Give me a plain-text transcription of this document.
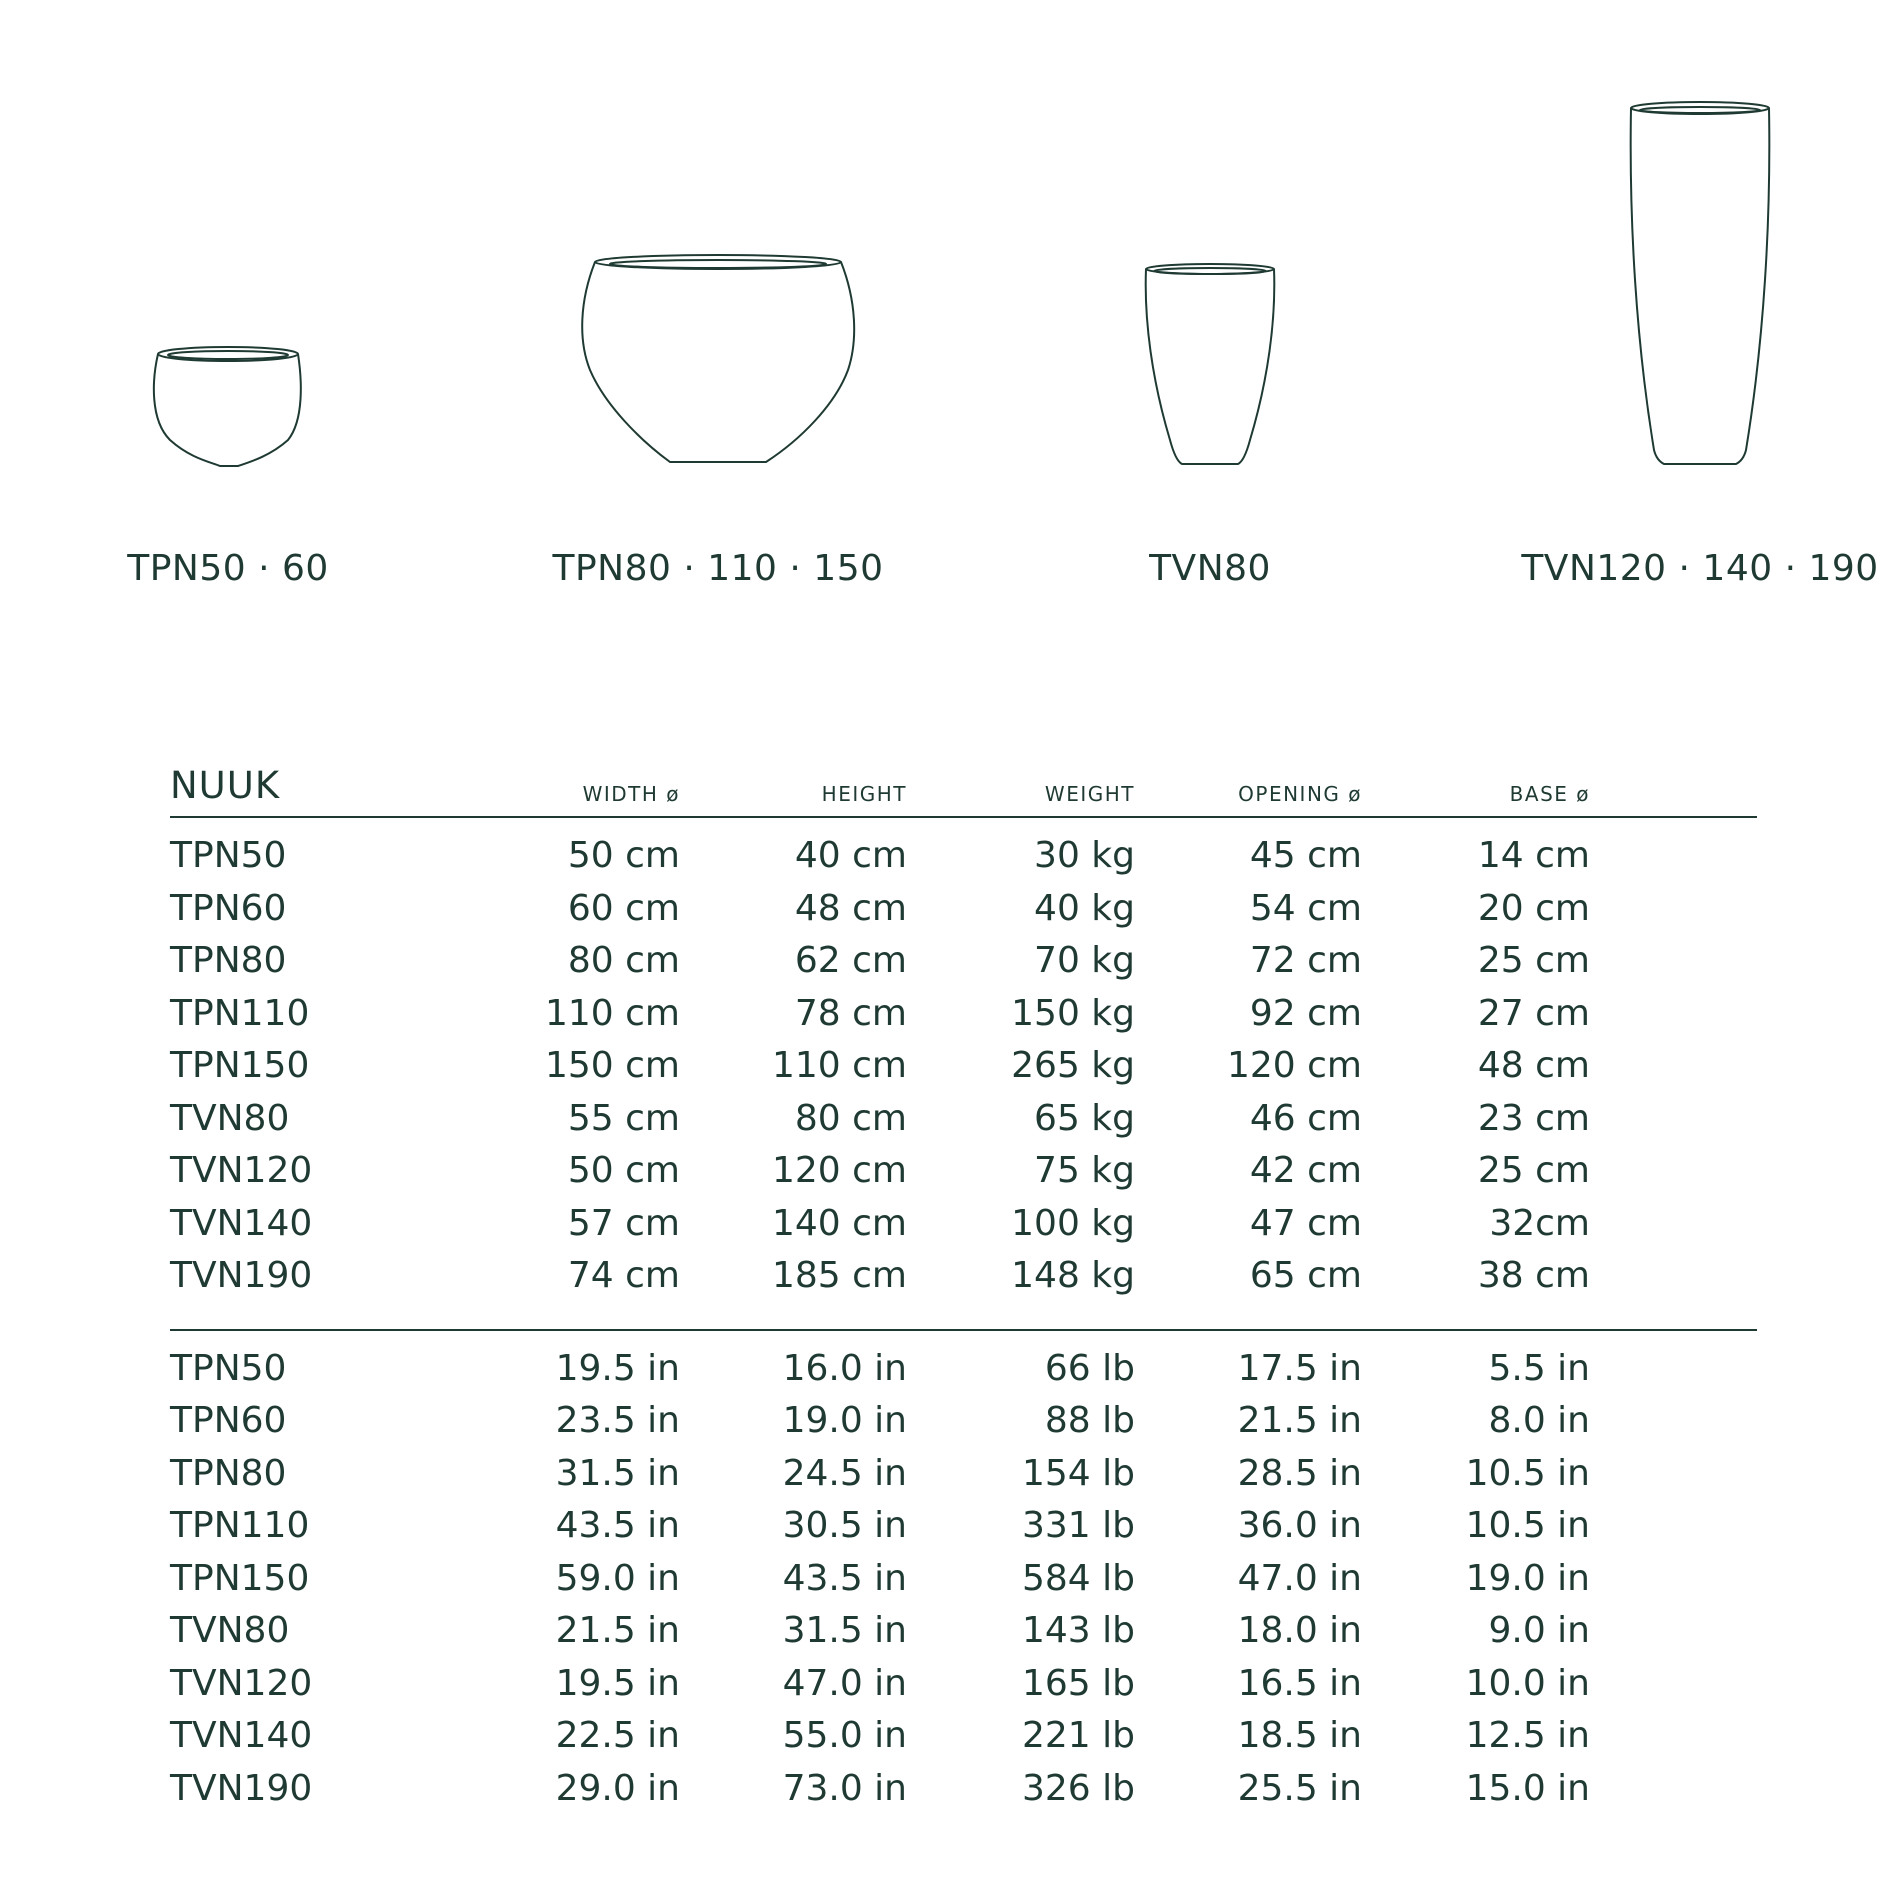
TPN50 · 60	TPN80 · 110 · 150	TVN80	TVN120 · 140 · 190
NUUK	WIDTH ø	HEIGHT	WEIGHT	OPENING ø	BASE ø
TPN50	50 cm	40 cm	30 kg	45 cm	14 cm
TPN60	60 cm	48 cm	40 kg	54 cm	20 cm
TPN80	80 cm	62 cm	70 kg	72 cm	25 cm
TPN110	110 cm	78 cm	150 kg	92 cm	27 cm
TPN150	150 cm	110 cm	265 kg	120 cm	48 cm
TVN80	55 cm	80 cm	65 kg	46 cm	23 cm
TVN120	50 cm	120 cm	75 kg	42 cm	25 cm
TVN140	57 cm	140 cm	100 kg	47 cm	32cm
TVN190	74 cm	185 cm	148 kg	65 cm	38 cm
TPN50	19.5 in	16.0 in	66 lb	17.5 in	5.5 in
TPN60	23.5 in	19.0 in	88 lb	21.5 in	8.0 in
TPN80	31.5 in	24.5 in	154 lb	28.5 in	10.5 in
TPN110	43.5 in	30.5 in	331 lb	36.0 in	10.5 in
TPN150	59.0 in	43.5 in	584 lb	47.0 in	19.0 in
TVN80	21.5 in	31.5 in	143 lb	18.0 in	9.0 in
TVN120	19.5 in	47.0 in	165 lb	16.5 in	10.0 in
TVN140	22.5 in	55.0 in	221 lb	18.5 in	12.5 in
TVN190	29.0 in	73.0 in	326 lb	25.5 in	15.0 in
